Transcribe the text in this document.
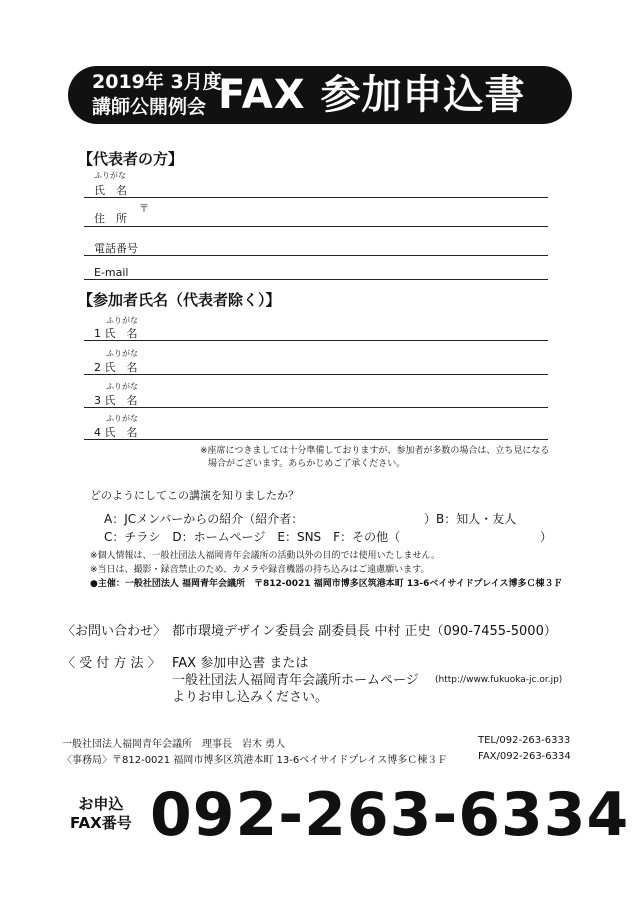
2019年 3月度
講師公開例会 FAX 参加申込書
【代表者の方】
ふりがな
氏　名
〒
住　所
電話番号
E-mail
【参加者氏名（代表者除く）】
ふりがな
1 氏　名
ふりがな
2 氏　名
ふりがな
3 氏　名
ふりがな
4 氏　名
※座席につきましては十分準備しておりますが、参加者が多数の場合は、立ち見になる
場合がございます。あらかじめご了承ください。
どのようにしてこの講演を知りましたか？
A：JCメンバーからの紹介（紹介者：	）B：知人・友人
C：チラシ　D：ホームページ　E：SNS　F：その他（	）
※個人情報は、一般社団法人福岡青年会議所の活動以外の目的では使用いたしません。
※当日は、撮影・録音禁止のため、カメラや録音機器の持ち込みはご遠慮願います。
●主催：一般社団法人 福岡青年会議所　〒812-0021 福岡市博多区筑港本町 13-6ベイサイドプレイス博多Ｃ棟３Ｆ
〈お問い合わせ〉 都市環境デザイン委員会 副委員長 中村 正史（090-7455-5000）
〈 受 付 方 法 〉 FAX 参加申込書 または
一般社団法人福岡青年会議所ホームページ (http://www.fukuoka-jc.or.jp)
よりお申し込みください。
一般社団法人福岡青年会議所　理事長　岩木 勇人
〈事務局〉〒812-0021 福岡市博多区筑港本町 13-6ベイサイドプレイス博多Ｃ棟３Ｆ
TEL/092-263-6333
FAX/092-263-6334
お申込
FAX番号 092-263-6334
